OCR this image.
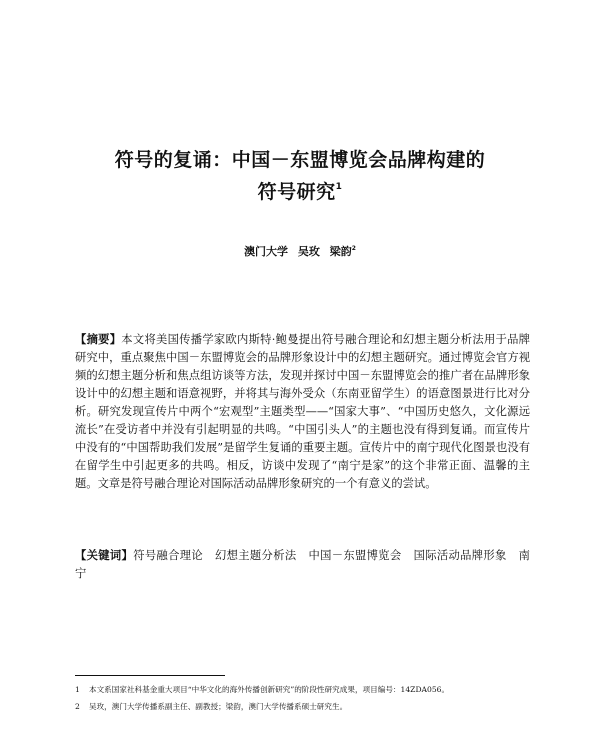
符号的复诵：中国－东盟博览会品牌构建的
符号研究$^1$
澳门大学 吴玫 梁韵$^2$
【摘要】本文将美国传播学家欧内斯特·鲍曼提出符号融合理论和幻想主题分析法用于品牌研究中，重点聚焦中国－东盟博览会的品牌形象设计中的幻想主题研究。通过博览会官方视频的幻想主题分析和焦点组访谈等方法，发现并探讨中国－东盟博览会的推广者在品牌形象设计中的幻想主题和语意视野，并将其与海外受众（东南亚留学生）的语意图景进行比对分析。研究发现宣传片中两个“宏观型”主题类型——“国家大事”、“中国历史悠久，文化源远流长”在受访者中并没有引起明显的共鸣。“中国引头人”的主题也没有得到复诵。而宣传片中没有的“中国帮助我们发展”是留学生复诵的重要主题。宣传片中的南宁现代化图景也没有在留学生中引起更多的共鸣。相反，访谈中发现了“南宁是家”的这个非常正面、温馨的主题。文章是符号融合理论对国际活动品牌形象研究的一个有意义的尝试。
【关键词】符号融合理论 幻想主题分析法 中国－东盟博览会 国际活动品牌形象 南宁
1 本文系国家社科基金重大项目“中华文化的海外传播创新研究”的阶段性研究成果，项目编号：14ZDA056。
2 吴玫，澳门大学传播系副主任、副教授；梁韵，澳门大学传播系硕士研究生。
